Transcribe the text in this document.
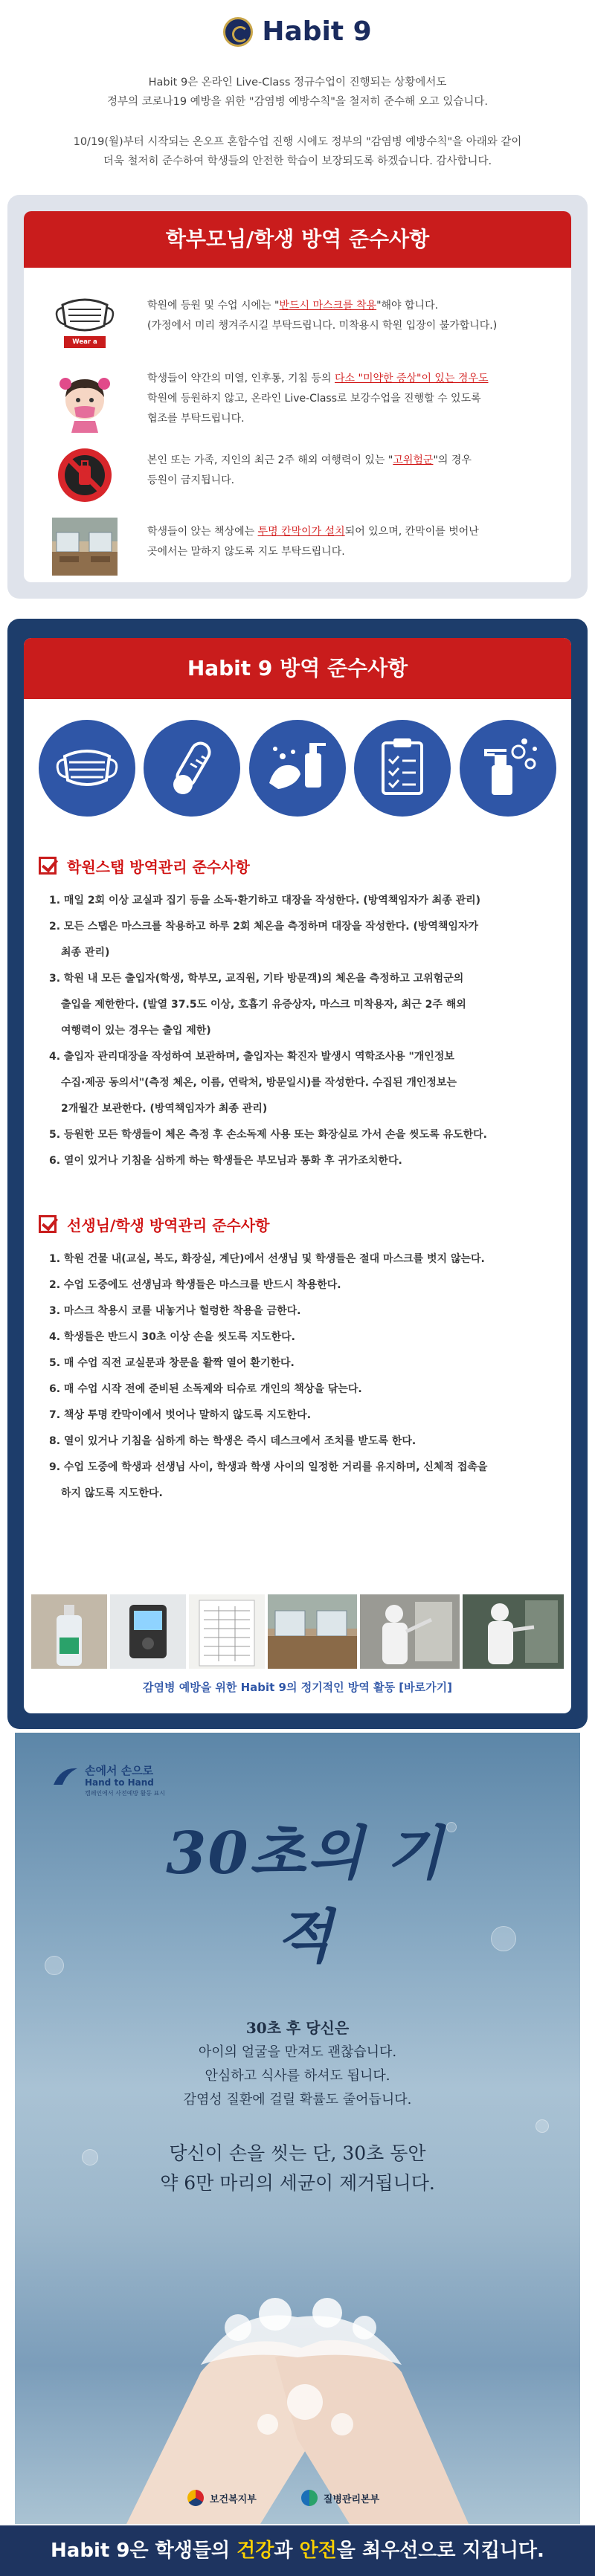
Habit 9
Habit 9은 온라인 Live-Class 정규수업이 진행되는 상황에서도
정부의 코로나19 예방을 위한 "감염병 예방수칙"을 철저히 준수해 오고 있습니다.
10/19(월)부터 시작되는 온오프 혼합수업 진행 시에도 정부의 "감염병 예방수칙"을 아래와 같이
더욱 철저히 준수하여 학생들의 안전한 학습이 보장되도록 하겠습니다. 감사합니다.
학부모님/학생 방역 준수사항
Wear a mask
학원에 등원 및 수업 시에는 "반드시 마스크를 착용"해야 합니다.
(가정에서 미리 챙겨주시길 부탁드립니다. 미착용시 학원 입장이 불가합니다.)
학생들이 약간의 미열, 인후통, 기침 등의 다소 "미약한 증상"이 있는 경우도
학원에 등원하지 않고, 온라인 Live-Class로 보강수업을 진행할 수 있도록
협조를 부탁드립니다.
본인 또는 가족, 지인의 최근 2주 해외 여행력이 있는 "고위험군"의 경우
등원이 금지됩니다.
학생들이 앉는 책상에는 투명 칸막이가 설치되어 있으며, 칸막이를 벗어난
곳에서는 말하지 않도록 지도 부탁드립니다.
Habit 9 방역 준수사항
학원스탭 방역관리 준수사항
1. 매일 2회 이상 교실과 집기 등을 소독·환기하고 대장을 작성한다. (방역책임자가 최종 관리)
2. 모든 스탭은 마스크를 착용하고 하루 2회 체온을 측정하며 대장을 작성한다. (방역책임자가
최종 관리)
3. 학원 내 모든 출입자(학생, 학부모, 교직원, 기타 방문객)의 체온을 측정하고 고위험군의
출입을 제한한다. (발열 37.5도 이상, 호흡기 유증상자, 마스크 미착용자, 최근 2주 해외
여행력이 있는 경우는 출입 제한)
4. 출입자 관리대장을 작성하여 보관하며, 출입자는 확진자 발생시 역학조사용 "개인정보
수집·제공 동의서"(측정 체온, 이름, 연락처, 방문일시)를 작성한다. 수집된 개인정보는
2개월간 보관한다. (방역책임자가 최종 관리)
5. 등원한 모든 학생들이 체온 측정 후 손소독제 사용 또는 화장실로 가서 손을 씻도록 유도한다.
6. 열이 있거나 기침을 심하게 하는 학생들은 부모님과 통화 후 귀가조치한다.
선생님/학생 방역관리 준수사항
1. 학원 건물 내(교실, 복도, 화장실, 계단)에서 선생님 및 학생들은 절대 마스크를 벗지 않는다.
2. 수업 도중에도 선생님과 학생들은 마스크를 반드시 착용한다.
3. 마스크 착용시 코를 내놓거나 헐렁한 착용을 금한다.
4. 학생들은 반드시 30초 이상 손을 씻도록 지도한다.
5. 매 수업 직전 교실문과 창문을 활짝 열어 환기한다.
6. 매 수업 시작 전에 준비된 소독제와 티슈로 개인의 책상을 닦는다.
7. 책상 투명 칸막이에서 벗어나 말하지 않도록 지도한다.
8. 열이 있거나 기침을 심하게 하는 학생은 즉시 데스크에서 조치를 받도록 한다.
9. 수업 도중에 학생과 선생님 사이, 학생과 학생 사이의 일정한 거리를 유지하며, 신체적 접촉을
하지 않도록 지도한다.
감염병 예방을 위한 Habit 9의 정기적인 방역 활동 [바로가기]
손에서 손으로
Hand to Hand
캠페인에서 사전예방 활동 표시
30초의 기적
30초 후 당신은
아이의 얼굴을 만져도 괜찮습니다.
안심하고 식사를 하셔도 됩니다.
감염성 질환에 걸릴 확률도 줄어듭니다.
당신이 손을 씻는 단, 30초 동안
약 6만 마리의 세균이 제거됩니다.
보건복지부	질병관리본부
Habit 9은 학생들의 건강과 안전을 최우선으로 지킵니다.
